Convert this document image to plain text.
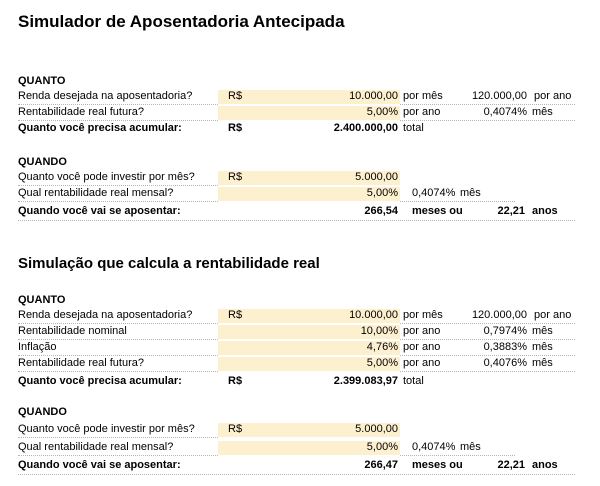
Simulador de Aposentadoria Antecipada
QUANTO
Renda desejada na aposentadoria?	R$	10.000,00 por mês	120.000,00 por ano
Rentabilidade real futura?	5,00% por ano	0,4074% mês
Quanto você precisa acumular:	R$	2.400.000,00 total
QUANDO
Quanto você pode investir por mês?	R$	5.000,00
Qual rentabilidade real mensal?	5,00% 0,4074% mês
Quando você vai se aposentar:	266,54 meses ou	22,21 anos
Simulação que calcula a rentabilidade real
QUANTO
Renda desejada na aposentadoria?	R$	10.000,00 por mês	120.000,00 por ano
Rentabilidade nominal	10,00% por ano	0,7974% mês
Inflação	4,76% por ano	0,3883% mês
Rentabilidade real futura?	5,00% por ano	0,4076% mês
Quanto você precisa acumular:	R$	2.399.083,97 total
QUANDO
Quanto você pode investir por mês?	R$	5.000,00
Qual rentabilidade real mensal?	5,00% 0,4074% mês
Quando você vai se aposentar:	266,47 meses ou	22,21 anos
